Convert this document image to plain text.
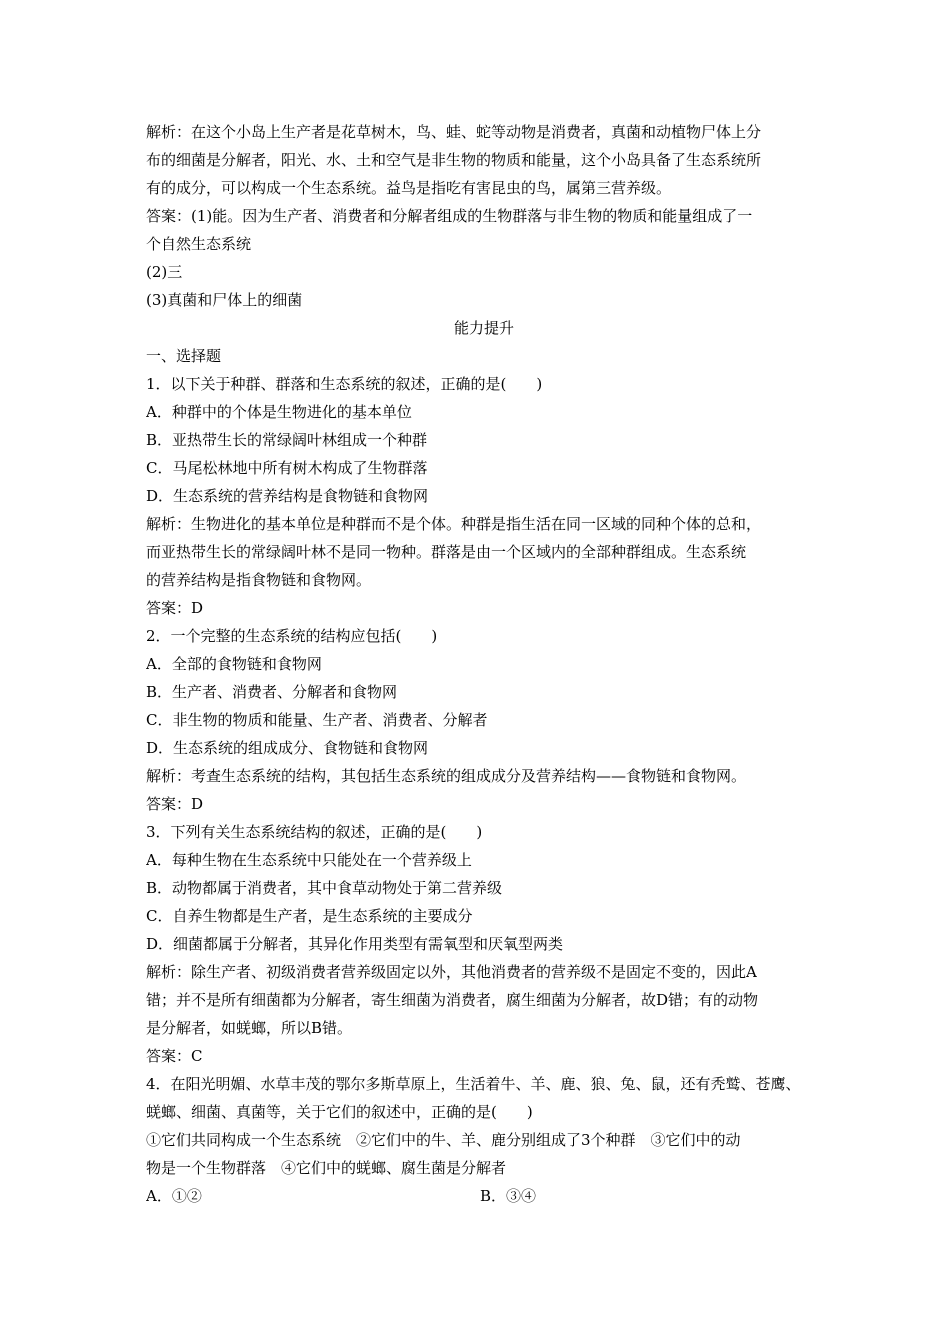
解析：在这个小岛上生产者是花草树木，鸟、蛙、蛇等动物是消费者，真菌和动植物尸体上分
布的细菌是分解者，阳光、水、土和空气是非生物的物质和能量，这个小岛具备了生态系统所
有的成分，可以构成一个生态系统。益鸟是指吃有害昆虫的鸟，属第三营养级。
答案：(1)能。因为生产者、消费者和分解者组成的生物群落与非生物的物质和能量组成了一
个自然生态系统
(2)三
(3)真菌和尸体上的细菌
能力提升
一、选择题
1．以下关于种群、群落和生态系统的叙述，正确的是(　　)
A．种群中的个体是生物进化的基本单位
B．亚热带生长的常绿阔叶林组成一个种群
C．马尾松林地中所有树木构成了生物群落
D．生态系统的营养结构是食物链和食物网
解析：生物进化的基本单位是种群而不是个体。种群是指生活在同一区域的同种个体的总和，
而亚热带生长的常绿阔叶林不是同一物种。群落是由一个区域内的全部种群组成。生态系统
的营养结构是指食物链和食物网。
答案：D
2．一个完整的生态系统的结构应包括(　　)
A．全部的食物链和食物网
B．生产者、消费者、分解者和食物网
C．非生物的物质和能量、生产者、消费者、分解者
D．生态系统的组成成分、食物链和食物网
解析：考查生态系统的结构，其包括生态系统的组成成分及营养结构——食物链和食物网。
答案：D
3．下列有关生态系统结构的叙述，正确的是(　　)
A．每种生物在生态系统中只能处在一个营养级上
B．动物都属于消费者，其中食草动物处于第二营养级
C．自养生物都是生产者，是生态系统的主要成分
D．细菌都属于分解者，其异化作用类型有需氧型和厌氧型两类
解析：除生产者、初级消费者营养级固定以外，其他消费者的营养级不是固定不变的，因此A
错；并不是所有细菌都为分解者，寄生细菌为消费者，腐生细菌为分解者，故D错；有的动物
是分解者，如蜣螂，所以B错。
答案：C
4．在阳光明媚、水草丰茂的鄂尔多斯草原上，生活着牛、羊、鹿、狼、兔、鼠，还有秃鹫、苍鹰、
蜣螂、细菌、真菌等，关于它们的叙述中，正确的是(　　)
①它们共同构成一个生态系统　②它们中的牛、羊、鹿分别组成了3个种群　③它们中的动
物是一个生物群落　④它们中的蜣螂、腐生菌是分解者
A．①②	B．③④
